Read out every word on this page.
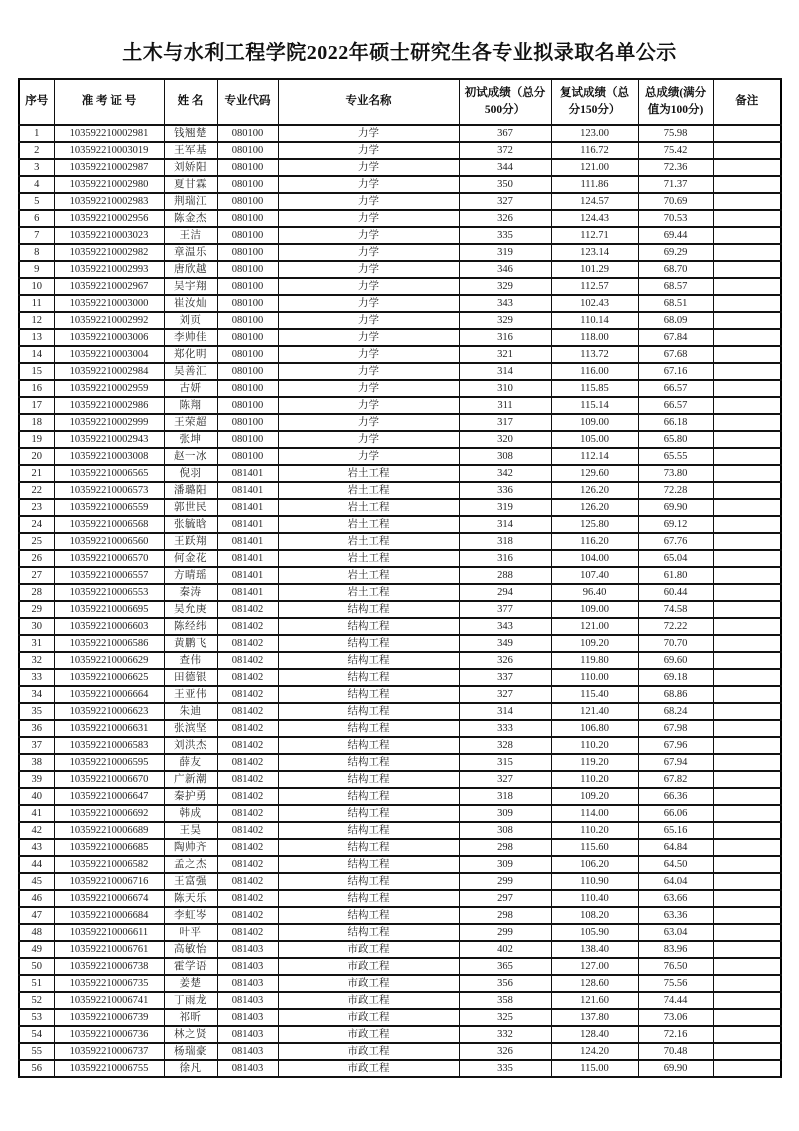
土木与水利工程学院2022年硕士研究生各专业拟录取名单公示
序号	准 考 证 号	姓 名	专业代码	专业名称	初试成绩（总分500分）	复试成绩（总分150分）	总成绩(满分值为100分)	备注
1	103592210002981	钱翘楚	080100	力学	367	123.00	75.98	
2	103592210003019	王军基	080100	力学	372	116.72	75.42	
3	103592210002987	刘娇阳	080100	力学	344	121.00	72.36	
4	103592210002980	夏甘霖	080100	力学	350	111.86	71.37	
5	103592210002983	荆瑞江	080100	力学	327	124.57	70.69	
6	103592210002956	陈金杰	080100	力学	326	124.43	70.53	
7	103592210003023	王洁	080100	力学	335	112.71	69.44	
8	103592210002982	章温乐	080100	力学	319	123.14	69.29	
9	103592210002993	唐欣越	080100	力学	346	101.29	68.70	
10	103592210002967	吴宇翔	080100	力学	329	112.57	68.57	
11	103592210003000	崔汝灿	080100	力学	343	102.43	68.51	
12	103592210002992	刘页	080100	力学	329	110.14	68.09	
13	103592210003006	李帅佳	080100	力学	316	118.00	67.84	
14	103592210003004	郑化明	080100	力学	321	113.72	67.68	
15	103592210002984	吴善汇	080100	力学	314	116.00	67.16	
16	103592210002959	古妍	080100	力学	310	115.85	66.57	
17	103592210002986	陈翔	080100	力学	311	115.14	66.57	
18	103592210002999	王荣超	080100	力学	317	109.00	66.18	
19	103592210002943	张坤	080100	力学	320	105.00	65.80	
20	103592210003008	赵一冰	080100	力学	308	112.14	65.55	
21	103592210006565	倪羽	081401	岩土工程	342	129.60	73.80	
22	103592210006573	潘璐阳	081401	岩土工程	336	126.20	72.28	
23	103592210006559	郭世民	081401	岩土工程	319	126.20	69.90	
24	103592210006568	张毓晗	081401	岩土工程	314	125.80	69.12	
25	103592210006560	王跃翔	081401	岩土工程	318	116.20	67.76	
26	103592210006570	何金花	081401	岩土工程	316	104.00	65.04	
27	103592210006557	方晴瑶	081401	岩土工程	288	107.40	61.80	
28	103592210006553	秦涛	081401	岩土工程	294	96.40	60.44	
29	103592210006695	吴允庚	081402	结构工程	377	109.00	74.58	
30	103592210006603	陈经纬	081402	结构工程	343	121.00	72.22	
31	103592210006586	黄鹏飞	081402	结构工程	349	109.20	70.70	
32	103592210006629	查伟	081402	结构工程	326	119.80	69.60	
33	103592210006625	田德银	081402	结构工程	337	110.00	69.18	
34	103592210006664	王亚伟	081402	结构工程	327	115.40	68.86	
35	103592210006623	朱迪	081402	结构工程	314	121.40	68.24	
36	103592210006631	张滨坚	081402	结构工程	333	106.80	67.98	
37	103592210006583	刘洪杰	081402	结构工程	328	110.20	67.96	
38	103592210006595	薛友	081402	结构工程	315	119.20	67.94	
39	103592210006670	广新潮	081402	结构工程	327	110.20	67.82	
40	103592210006647	秦护勇	081402	结构工程	318	109.20	66.36	
41	103592210006692	韩成	081402	结构工程	309	114.00	66.06	
42	103592210006689	王昊	081402	结构工程	308	110.20	65.16	
43	103592210006685	陶帅齐	081402	结构工程	298	115.60	64.84	
44	103592210006582	孟之杰	081402	结构工程	309	106.20	64.50	
45	103592210006716	王富强	081402	结构工程	299	110.90	64.04	
46	103592210006674	陈天乐	081402	结构工程	297	110.40	63.66	
47	103592210006684	李虹岑	081402	结构工程	298	108.20	63.36	
48	103592210006611	叶平	081402	结构工程	299	105.90	63.04	
49	103592210006761	高敏怡	081403	市政工程	402	138.40	83.96	
50	103592210006738	霍学语	081403	市政工程	365	127.00	76.50	
51	103592210006735	姜楚	081403	市政工程	356	128.60	75.56	
52	103592210006741	丁雨龙	081403	市政工程	358	121.60	74.44	
53	103592210006739	祁昕	081403	市政工程	325	137.80	73.06	
54	103592210006736	林之贤	081403	市政工程	332	128.40	72.16	
55	103592210006737	杨瑞豪	081403	市政工程	326	124.20	70.48	
56	103592210006755	徐凡	081403	市政工程	335	115.00	69.90	
